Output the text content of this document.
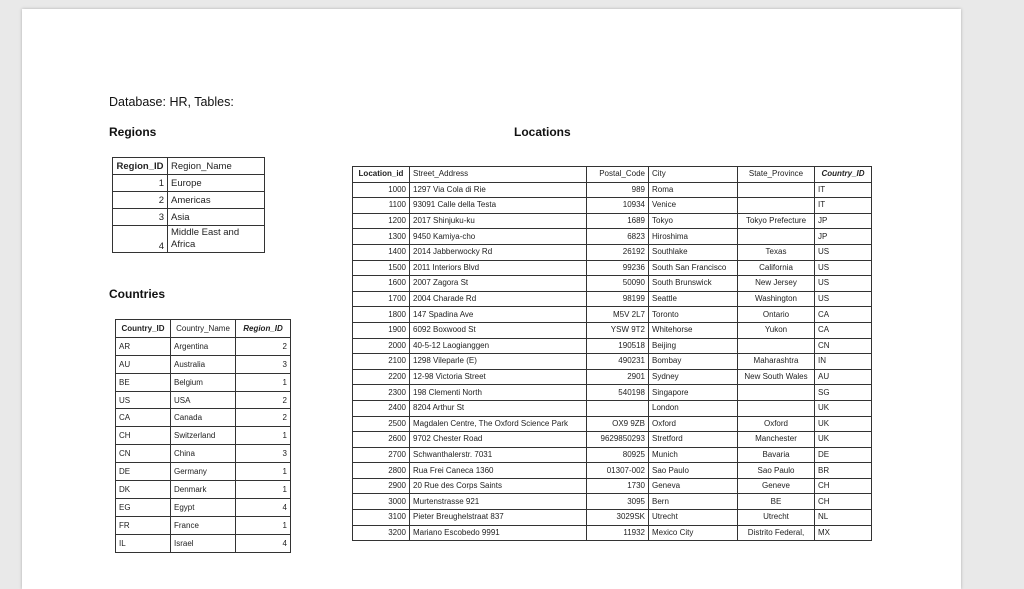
Database: HR, Tables:
Regions
Countries
Locations
Region_ID	Region_Name
1	Europe
2	Americas
3	Asia
4	Middle East and Africa
Country_ID	Country_Name	Region_ID
AR	Argentina	2
AU	Australia	3
BE	Belgium	1
US	USA	2
CA	Canada	2
CH	Switzerland	1
CN	China	3
DE	Germany	1
DK	Denmark	1
EG	Egypt	4
FR	France	1
IL	Israel	4
Location_id	Street_Address	Postal_Code	City	State_Province	Country_ID
1000	1297 Via Cola di Rie	989	Roma		IT
1100	93091 Calle della Testa	10934	Venice		IT
1200	2017 Shinjuku-ku	1689	Tokyo	Tokyo Prefecture	JP
1300	9450 Kamiya-cho	6823	Hiroshima		JP
1400	2014 Jabberwocky Rd	26192	Southlake	Texas	US
1500	2011 Interiors Blvd	99236	South San Francisco	California	US
1600	2007 Zagora St	50090	South Brunswick	New Jersey	US
1700	2004 Charade Rd	98199	Seattle	Washington	US
1800	147 Spadina Ave	M5V 2L7	Toronto	Ontario	CA
1900	6092 Boxwood St	YSW 9T2	Whitehorse	Yukon	CA
2000	40-5-12 Laogianggen	190518	Beijing		CN
2100	1298 Vileparle (E)	490231	Bombay	Maharashtra	IN
2200	12-98 Victoria Street	2901	Sydney	New South Wales	AU
2300	198 Clementi North	540198	Singapore		SG
2400	8204 Arthur St		London		UK
2500	Magdalen Centre, The Oxford Science Park	OX9 9ZB	Oxford	Oxford	UK
2600	9702 Chester Road	9629850293	Stretford	Manchester	UK
2700	Schwanthalerstr. 7031	80925	Munich	Bavaria	DE
2800	Rua Frei Caneca 1360	01307-002	Sao Paulo	Sao Paulo	BR
2900	20 Rue des Corps Saints	1730	Geneva	Geneve	CH
3000	Murtenstrasse 921	3095	Bern	BE	CH
3100	Pieter Breughelstraat 837	3029SK	Utrecht	Utrecht	NL
3200	Mariano Escobedo 9991	11932	Mexico City	Distrito Federal,	MX
